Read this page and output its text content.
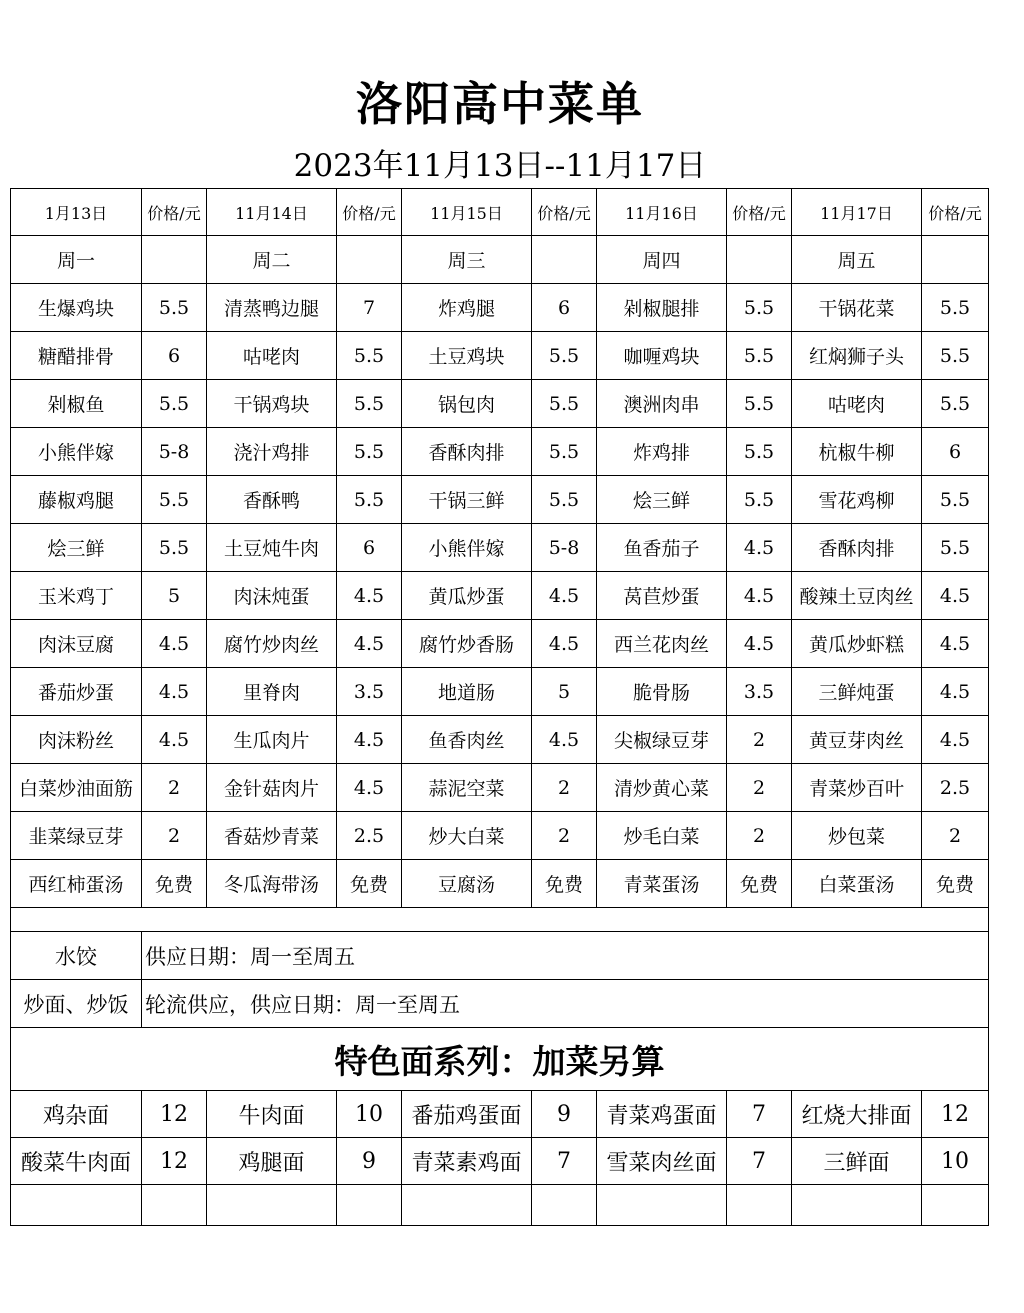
洛阳高中菜单
2023年11月13日--11月17日
1月13日	价格/元	11月14日	价格/元	11月15日	价格/元	11月16日	价格/元	11月17日	价格/元
周一		周二		周三		周四		周五	
生爆鸡块	5.5	清蒸鸭边腿	7	炸鸡腿	6	剁椒腿排	5.5	干锅花菜	5.5
糖醋排骨	6	咕咾肉	5.5	土豆鸡块	5.5	咖喱鸡块	5.5	红焖狮子头	5.5
剁椒鱼	5.5	干锅鸡块	5.5	锅包肉	5.5	澳洲肉串	5.5	咕咾肉	5.5
小熊伴嫁	5-8	浇汁鸡排	5.5	香酥肉排	5.5	炸鸡排	5.5	杭椒牛柳	6
藤椒鸡腿	5.5	香酥鸭	5.5	干锅三鲜	5.5	烩三鲜	5.5	雪花鸡柳	5.5
烩三鲜	5.5	土豆炖牛肉	6	小熊伴嫁	5-8	鱼香茄子	4.5	香酥肉排	5.5
玉米鸡丁	5	肉沫炖蛋	4.5	黄瓜炒蛋	4.5	莴苣炒蛋	4.5	酸辣土豆肉丝	4.5
肉沫豆腐	4.5	腐竹炒肉丝	4.5	腐竹炒香肠	4.5	西兰花肉丝	4.5	黄瓜炒虾糕	4.5
番茄炒蛋	4.5	里脊肉	3.5	地道肠	5	脆骨肠	3.5	三鲜炖蛋	4.5
肉沫粉丝	4.5	生瓜肉片	4.5	鱼香肉丝	4.5	尖椒绿豆芽	2	黄豆芽肉丝	4.5
白菜炒油面筋	2	金针菇肉片	4.5	蒜泥空菜	2	清炒黄心菜	2	青菜炒百叶	2.5
韭菜绿豆芽	2	香菇炒青菜	2.5	炒大白菜	2	炒毛白菜	2	炒包菜	2
西红柿蛋汤	免费	冬瓜海带汤	免费	豆腐汤	免费	青菜蛋汤	免费	白菜蛋汤	免费

水饺	供应日期：周一至周五								
炒面、炒饭	轮流供应，供应日期：周一至周五								
特色面系列：加菜另算									
鸡杂面	12	牛肉面	10	番茄鸡蛋面	9	青菜鸡蛋面	7	红烧大排面	12
酸菜牛肉面	12	鸡腿面	9	青菜素鸡面	7	雪菜肉丝面	7	三鲜面	10
